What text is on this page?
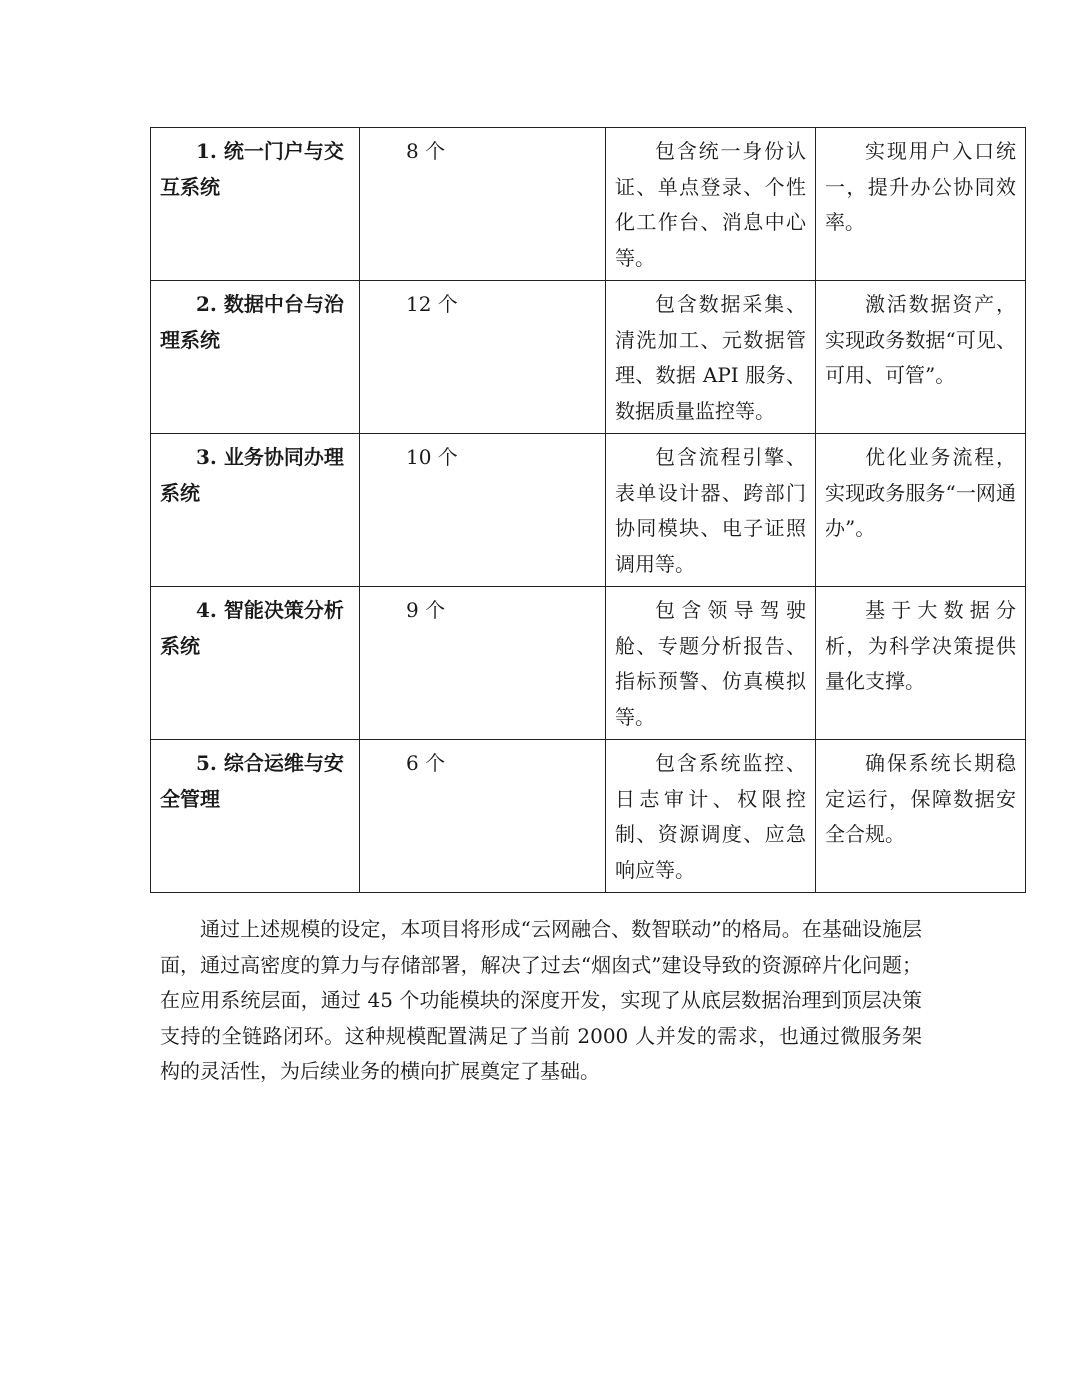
1. 统一门户与交互系统	8 个	包含统一身份认证、单点登录、个性化工作台、消息中心等。	实现用户入口统一，提升办公协同效率。
2. 数据中台与治理系统	12 个	包含数据采集、清洗加工、元数据管理、数据 API 服务、数据质量监控等。	激活数据资产，实现政务数据“可见、可用、可管”。
3. 业务协同办理系统	10 个	包含流程引擎、表单设计器、跨部门协同模块、电子证照调用等。	优化业务流程，实现政务服务“一网通办”。
4. 智能决策分析系统	9 个	包含领导驾驶舱、专题分析报告、指标预警、仿真模拟等。	基于大数据分析，为科学决策提供量化支撑。
5. 综合运维与安全管理	6 个	包含系统监控、日志审计、权限控制、资源调度、应急响应等。	确保系统长期稳定运行，保障数据安全合规。

通过上述规模的设定，本项目将形成“云网融合、数智联动”的格局。在基础设施层面，通过高密度的算力与存储部署，解决了过去“烟囱式”建设导致的资源碎片化问题；在应用系统层面，通过 45 个功能模块的深度开发，实现了从底层数据治理到顶层决策支持的全链路闭环。这种规模配置满足了当前 2000 人并发的需求，也通过微服务架构的灵活性，为后续业务的横向扩展奠定了基础。
